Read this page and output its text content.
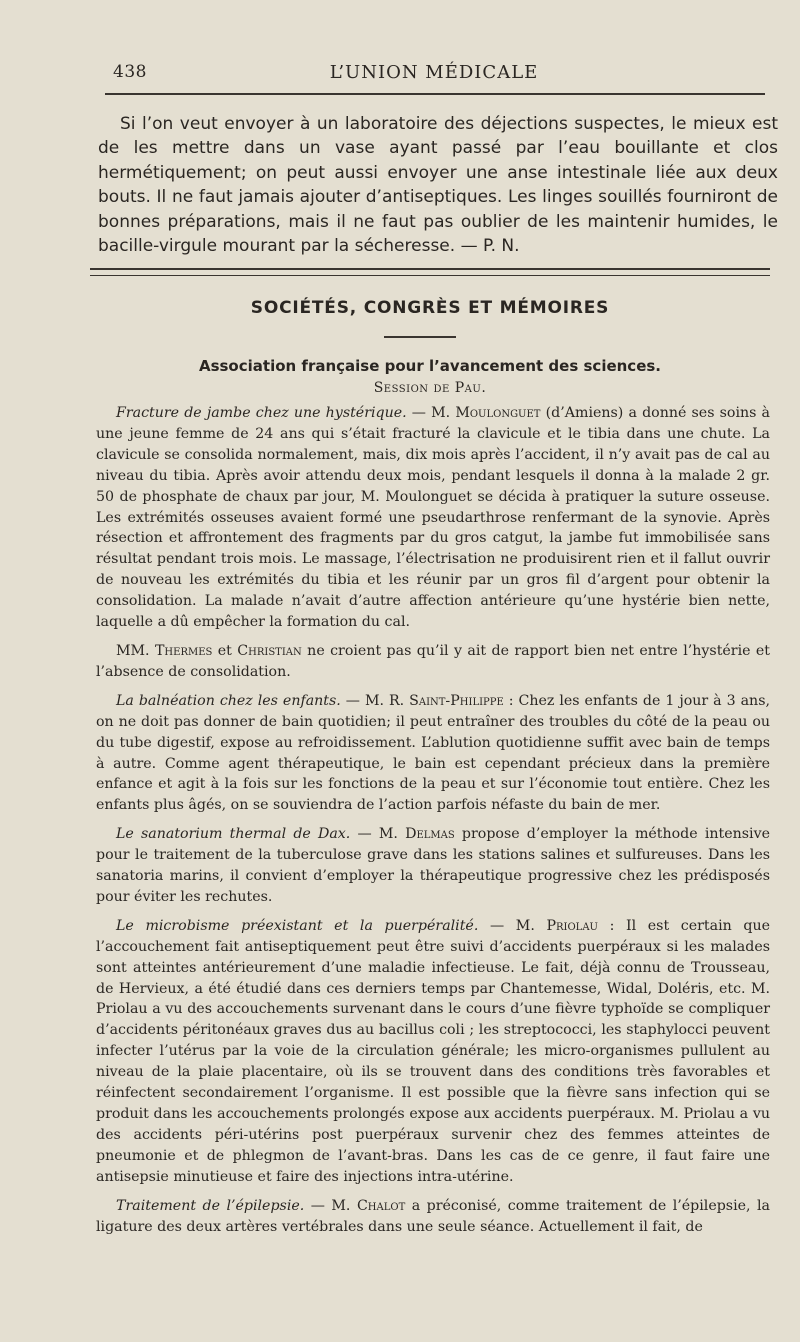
438	L’UNION MÉDICALE
Si l’on veut envoyer à un laboratoire des déjections suspectes, le mieux est de les mettre dans un vase ayant passé par l’eau bouillante et clos hermétiquement; on peut aussi envoyer une anse intestinale liée aux deux bouts. Il ne faut jamais ajouter d’antiseptiques. Les linges souillés fourniront de bonnes préparations, mais il ne faut pas oublier de les maintenir humides, le bacille-virgule mourant par la sécheresse. — P. N.
SOCIÉTÉS, CONGRÈS ET MÉMOIRES
Association française pour l’avancement des sciences.
Session de Pau.

Fracture de jambe chez une hystérique. — M. Moulonguet (d’Amiens) a donné ses soins à une jeune femme de 24 ans qui s’était fracturé la clavicule et le tibia dans une chute. La clavicule se consolida normalement, mais, dix mois après l’accident, il n’y avait pas de cal au niveau du tibia. Après avoir attendu deux mois, pendant lesquels il donna à la malade 2 gr. 50 de phosphate de chaux par jour, M. Moulonguet se décida à pratiquer la suture osseuse. Les extrémités osseuses avaient formé une pseudarthrose renfermant de la synovie. Après résection et affrontement des fragments par du gros catgut, la jambe fut immobilisée sans résultat pendant trois mois. Le massage, l’électrisation ne produisirent rien et il fallut ouvrir de nouveau les extrémités du tibia et les réunir par un gros fil d’argent pour obtenir la consolidation. La malade n’avait d’autre affection antérieure qu’une hystérie bien nette, laquelle a dû empêcher la formation du cal.

MM. Thermes et Christian ne croient pas qu’il y ait de rapport bien net entre l’hystérie et l’absence de consolidation.

La balnéation chez les enfants. — M. R. Saint-Philippe : Chez les enfants de 1 jour à 3 ans, on ne doit pas donner de bain quotidien; il peut entraîner des troubles du côté de la peau ou du tube digestif, expose au refroidissement. L’ablution quotidienne suffit avec bain de temps à autre. Comme agent thérapeutique, le bain est cependant précieux dans la première enfance et agit à la fois sur les fonctions de la peau et sur l’économie tout entière. Chez les enfants plus âgés, on se souviendra de l’action parfois néfaste du bain de mer.

Le sanatorium thermal de Dax. — M. Delmas propose d’employer la méthode intensive pour le traitement de la tuberculose grave dans les stations salines et sulfureuses. Dans les sanatoria marins, il convient d’employer la thérapeutique progressive chez les prédisposés pour éviter les rechutes.

Le microbisme préexistant et la puerpéralité. — M. Priolau : Il est certain que l’accouchement fait antiseptiquement peut être suivi d’accidents puerpéraux si les malades sont atteintes antérieurement d’une maladie infectieuse. Le fait, déjà connu de Trousseau, de Hervieux, a été étudié dans ces derniers temps par Chantemesse, Widal, Doléris, etc. M. Priolau a vu des accouchements survenant dans le cours d’une fièvre typhoïde se compliquer d’accidents péritonéaux graves dus au bacillus coli ; les streptococci, les staphylocci peuvent infecter l’utérus par la voie de la circulation générale; les micro-organismes pullulent au niveau de la plaie placentaire, où ils se trouvent dans des conditions très favorables et réinfectent secondairement l’organisme. Il est possible que la fièvre sans infection qui se produit dans les accouchements prolongés expose aux accidents puerpéraux. M. Priolau a vu des accidents péri-utérins post puerpéraux survenir chez des femmes atteintes de pneumonie et de phlegmon de l’avant-bras. Dans les cas de ce genre, il faut faire une antisepsie minutieuse et faire des injections intra-utérine.

Traitement de l’épilepsie. — M. Chalot a préconisé, comme traitement de l’épilepsie, la ligature des deux artères vertébrales dans une seule séance. Actuellement il fait, de
